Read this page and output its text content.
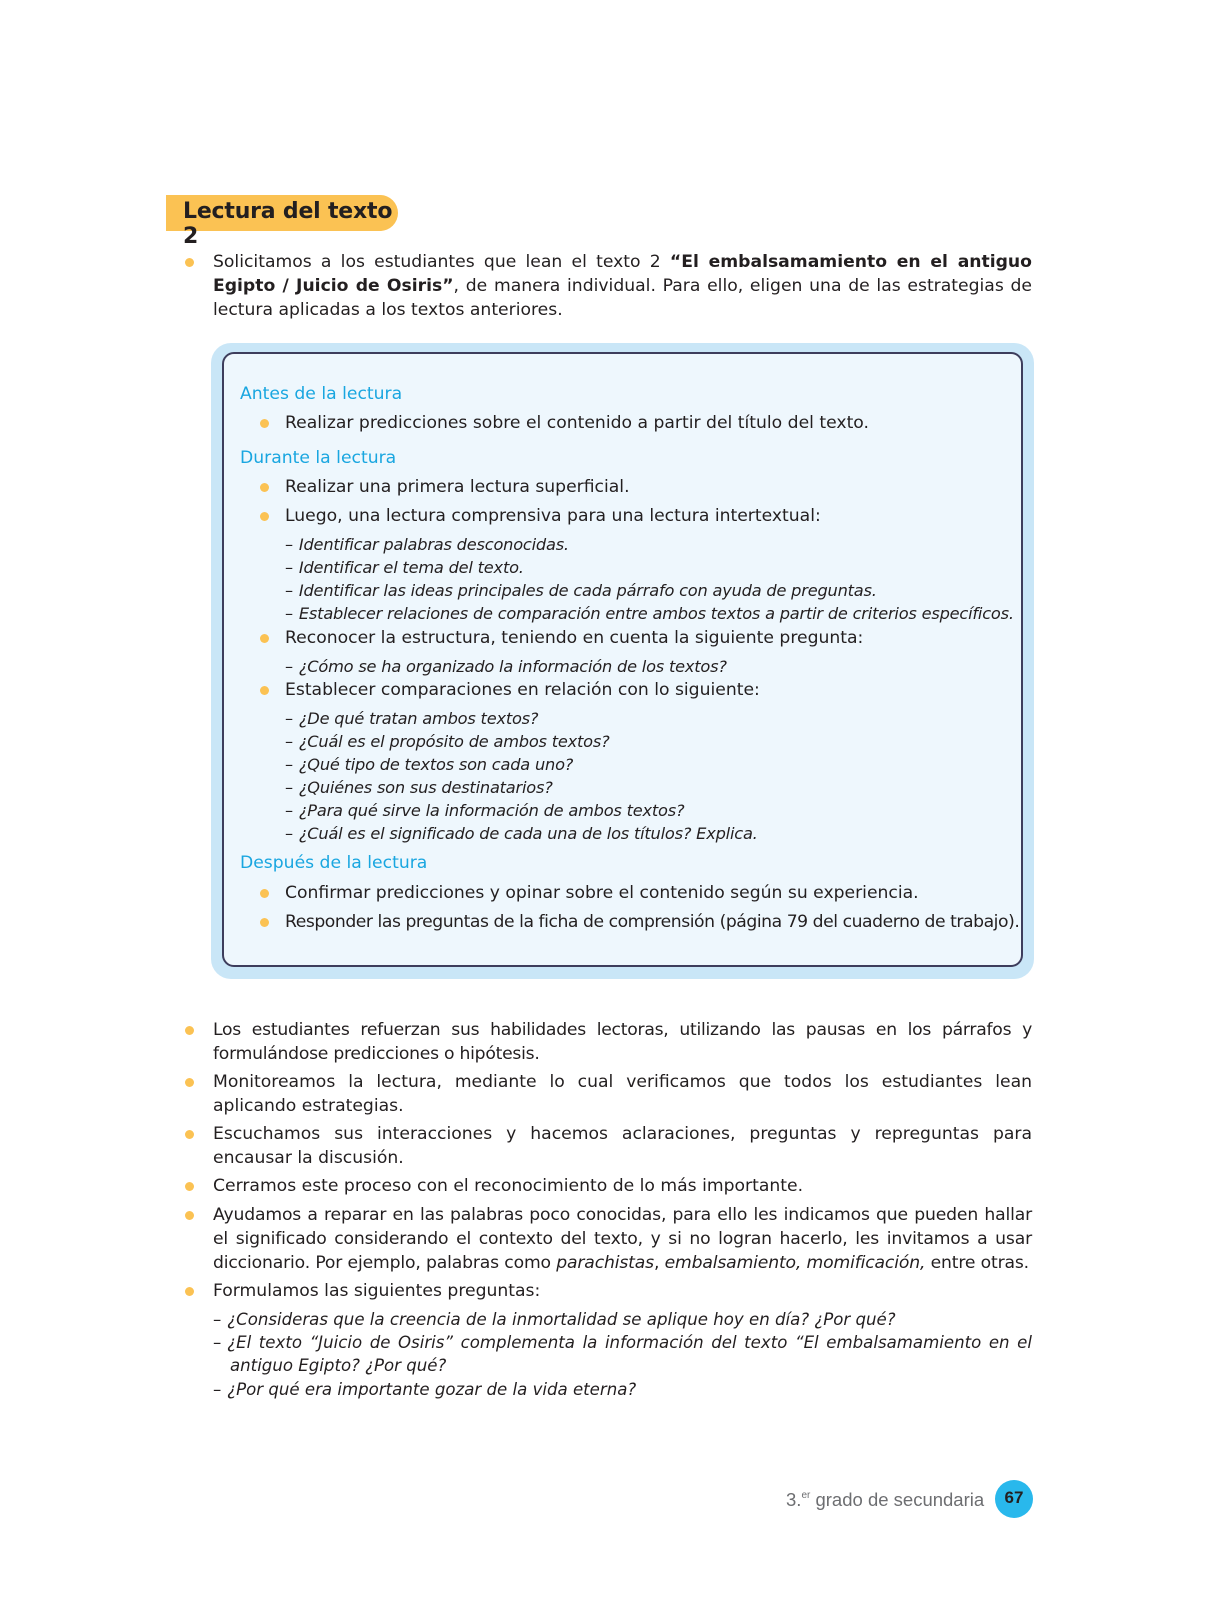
Lectura del texto 2
Solicitamos a los estudiantes que lean el texto 2 “El embalsamamiento en el antiguo Egipto / Juicio de Osiris”, de manera individual. Para ello, eligen una de las estrategias de lectura aplicadas a los textos anteriores.
Antes de la lectura
Realizar predicciones sobre el contenido a partir del título del texto.
Durante la lectura
Realizar una primera lectura superficial.
Luego, una lectura comprensiva para una lectura intertextual:
– Identificar palabras desconocidas.
– Identificar el tema del texto.
– Identificar las ideas principales de cada párrafo con ayuda de preguntas.
– Establecer relaciones de comparación entre ambos textos a partir de criterios específicos.
Reconocer la estructura, teniendo en cuenta la siguiente pregunta:
– ¿Cómo se ha organizado la información de los textos?
Establecer comparaciones en relación con lo siguiente:
– ¿De qué tratan ambos textos?
– ¿Cuál es el propósito de ambos textos?
– ¿Qué tipo de textos son cada uno?
– ¿Quiénes son sus destinatarios?
– ¿Para qué sirve la información de ambos textos?
– ¿Cuál es el significado de cada una de los títulos? Explica.
Después de la lectura
Confirmar predicciones y opinar sobre el contenido según su experiencia.
Responder las preguntas de la ficha de comprensión (página 79 del cuaderno de trabajo).
Los estudiantes refuerzan sus habilidades lectoras, utilizando las pausas en los párrafos y formulándose predicciones o hipótesis.
Monitoreamos la lectura, mediante lo cual verificamos que todos los estudiantes lean aplicando estrategias.
Escuchamos sus interacciones y hacemos aclaraciones, preguntas y repreguntas para encausar la discusión.
Cerramos este proceso con el reconocimiento de lo más importante.
Ayudamos a reparar en las palabras poco conocidas, para ello les indicamos que pueden hallar el significado considerando el contexto del texto, y si no logran hacerlo, les invitamos a usar diccionario. Por ejemplo, palabras como parachistas, embalsamiento, momificación, entre otras.
Formulamos las siguientes preguntas:
– ¿Consideras que la creencia de la inmortalidad se aplique hoy en día? ¿Por qué?
– ¿El texto “Juicio de Osiris” complementa la información del texto “El embalsamamiento en el antiguo Egipto? ¿Por qué?
– ¿Por qué era importante gozar de la vida eterna?
3.$^{er}$ grado de secundaria	67
